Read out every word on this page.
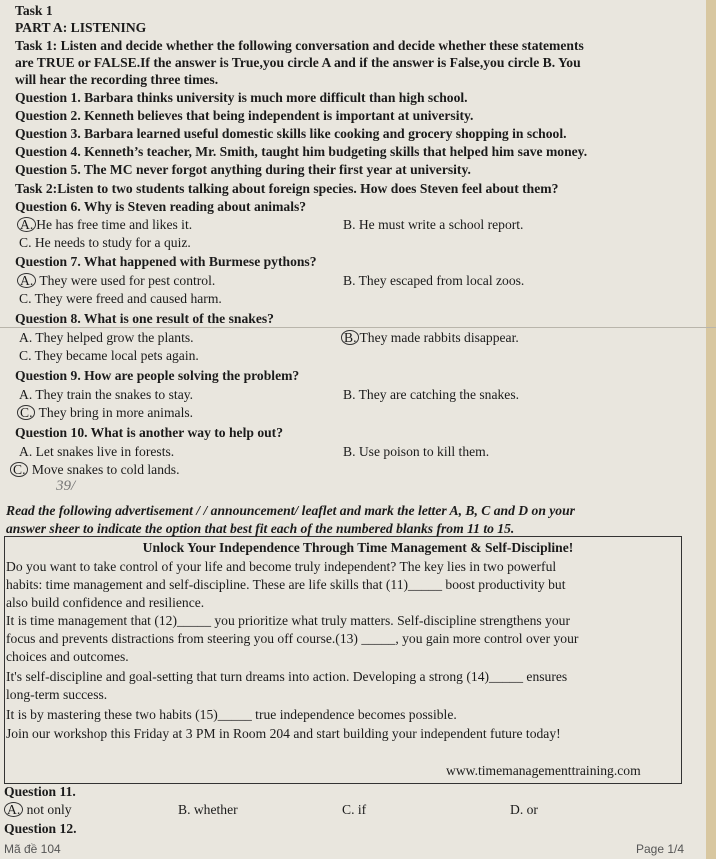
Task 1
PART A: LISTENING
Task 1: Listen and decide whether the following conversation and decide whether these statements
are TRUE or FALSE.If the answer is True,you circle A and if the answer is False,you circle B. You
will hear the recording three times.
Question 1. Barbara thinks university is much more difficult than high school.
Question 2. Kenneth believes that being independent is important at university.
Question 3. Barbara learned useful domestic skills like cooking and grocery shopping in school.
Question 4. Kenneth’s teacher, Mr. Smith, taught him budgeting skills that helped him save money.
Question 5. The MC never forgot anything during their first year at university.
Task 2:Listen to two students talking about foreign species. How does Steven feel about them?
Question 6. Why is Steven reading about animals?
A. He has free time and likes it.	B. He must write a school report.
C. He needs to study for a quiz.
Question 7. What happened with Burmese pythons?
A. They were used for pest control.	B. They escaped from local zoos.
C. They were freed and caused harm.
Question 8. What is one result of the snakes?
A. They helped grow the plants.	B. They made rabbits disappear.
C. They became local pets again.
Question 9. How are people solving the problem?
A. They train the snakes to stay.	B. They are catching the snakes.
C. They bring in more animals.
Question 10. What is another way to help out?
A. Let snakes live in forests.	B. Use poison to kill them.
C. Move snakes to cold lands.
39/
Read the following advertisement / / announcement/ leaflet and mark the letter A, B, C and D on your
answer sheer to indicate the option that best fit each of the numbered blanks from 11 to 15.
Unlock Your Independence Through Time Management & Self-Discipline!
Do you want to take control of your life and become truly independent? The key lies in two powerful
habits: time management and self-discipline. These are life skills that (11)_____ boost productivity but
also build confidence and resilience.
It is time management that (12)_____ you prioritize what truly matters. Self-discipline strengthens your
focus and prevents distractions from steering you off course.(13) _____, you gain more control over your
choices and outcomes.
It's self-discipline and goal-setting that turn dreams into action. Developing a strong (14)_____ ensures
long-term success.
It is by mastering these two habits (15)_____ true independence becomes possible.
Join our workshop this Friday at 3 PM in Room 204 and start building your independent future today!
www.timemanagementtraining.com
Question 11.
A. not only	B. whether	C. if	D. or
Question 12.
Mã đề 104	Page 1/4
